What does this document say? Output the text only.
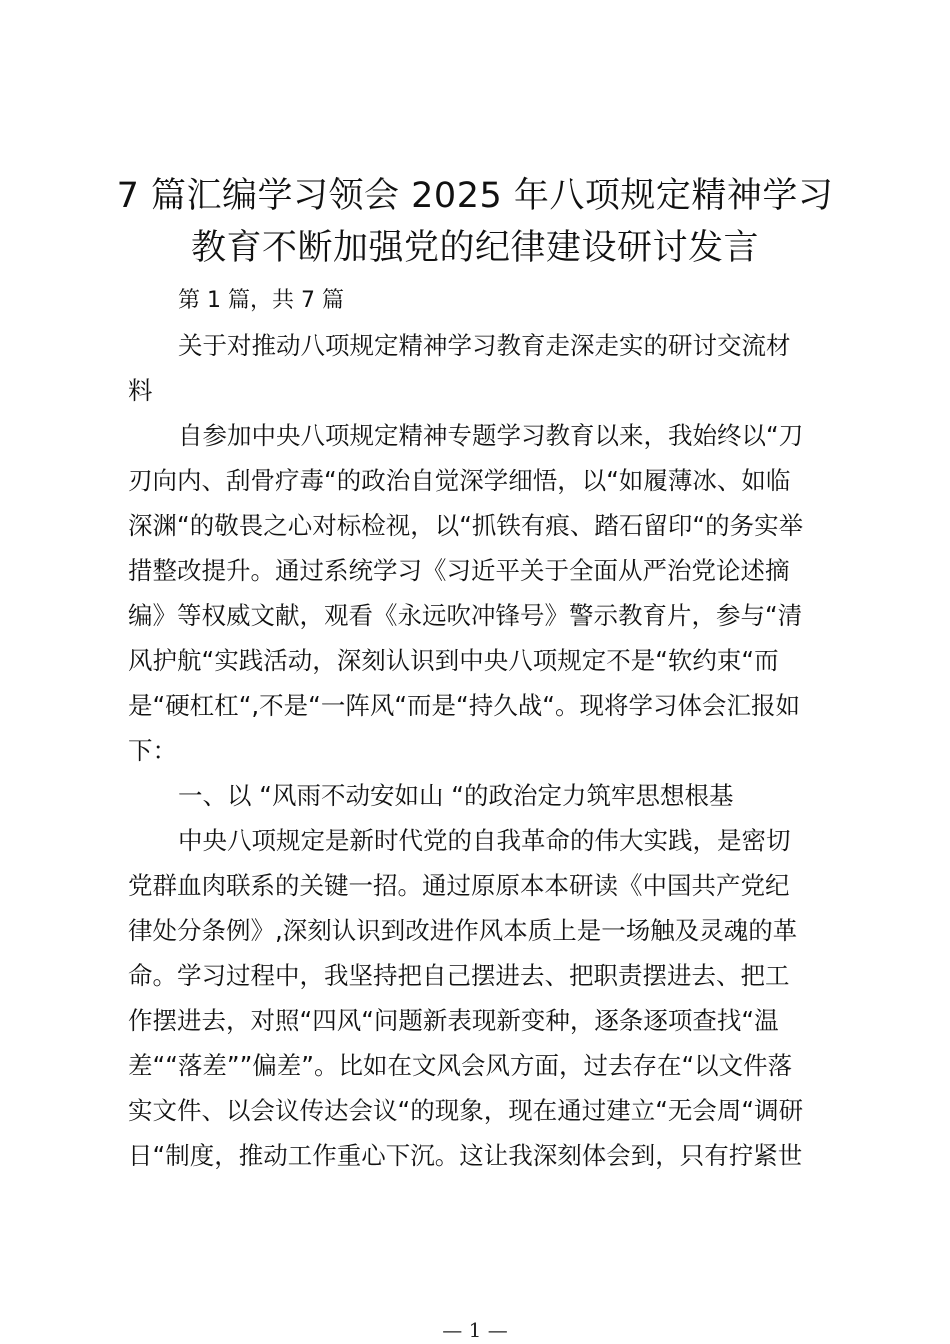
7 篇汇编学习领会 2025 年八项规定精神学习
教育不断加强党的纪律建设研讨发言
第 1 篇，共 7 篇
关于对推动八项规定精神学习教育走深走实的研讨交流材
料
自参加中央八项规定精神专题学习教育以来，我始终以“刀
刃向内、刮骨疗毒“的政治自觉深学细悟，以“如履薄冰、如临
深渊“的敬畏之心对标检视，以“抓铁有痕、踏石留印“的务实举
措整改提升。通过系统学习《习近平关于全面从严治党论述摘
编》等权威文献，观看《永远吹冲锋号》警示教育片，参与“清
风护航“实践活动，深刻认识到中央八项规定不是“软约束“而
是“硬杠杠“,不是“一阵风“而是“持久战“。现将学习体会汇报如
下：
一、以 “风雨不动安如山 “的政治定力筑牢思想根基
中央八项规定是新时代党的自我革命的伟大实践，是密切
党群血肉联系的关键一招。通过原原本本研读《中国共产党纪
律处分条例》,深刻认识到改进作风本质上是一场触及灵魂的革
命。学习过程中，我坚持把自己摆进去、把职责摆进去、把工
作摆进去，对照“四风“问题新表现新变种，逐条逐项查找“温
差““落差””偏差”。比如在文风会风方面，过去存在“以文件落
实文件、以会议传达会议“的现象，现在通过建立“无会周“调研
日“制度，推动工作重心下沉。这让我深刻体会到，只有拧紧世
— 1 —
